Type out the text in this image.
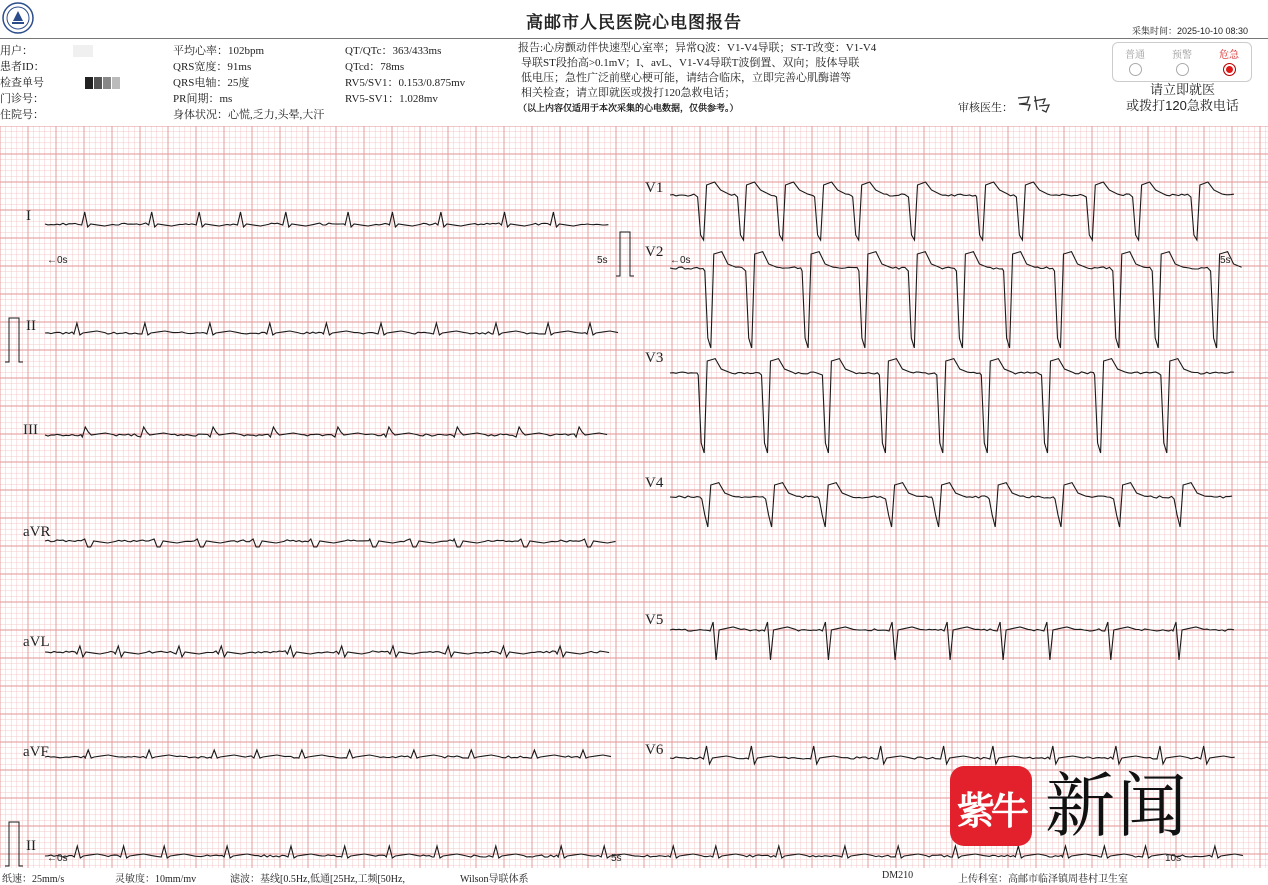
高邮市人民医院心电图报告	采集时间：2025-10-10 08:30
用户：
患者ID：
检查单号
门诊号：
住院号：
平均心率：102bpm
QRS宽度：91ms
QRS电轴：25度
PR间期：ms
身体状况：心慌,乏力,头晕,大汗
QT/QTc：363/433ms
QTcd：78ms
RV5/SV1：0.153/0.875mv
RV5-SV1：1.028mv
报告:心房颤动伴快速型心室率；异常Q波：V1-V4导联；ST-T改变：V1-V4
导联ST段抬高>0.1mV；I、avL、V1-V4导联T波倒置、双向；肢体导联
低电压；急性广泛前壁心梗可能，请结合临床，立即完善心肌酶谱等
相关检查；请立即就医或拨打120急救电话；
（以上内容仅适用于本次采集的心电数据，仅供参考。）	审核医生：
普通	预警	危急
请立即就医
或拨打120急救电话
I
II
III
aVR
aVL
aVF
II
V1
V2
V3
V4
V5
V6
←0s	5s	←0s	5s
←0s	5s	10s
紫牛 新闻
纸速：25mm/s	灵敏度：10mm/mv	滤波：基线[0.5Hz,低通[25Hz,工频[50Hz,	Wilson导联体系	DM210	上传科室：高邮市临泽镇周巷村卫生室
